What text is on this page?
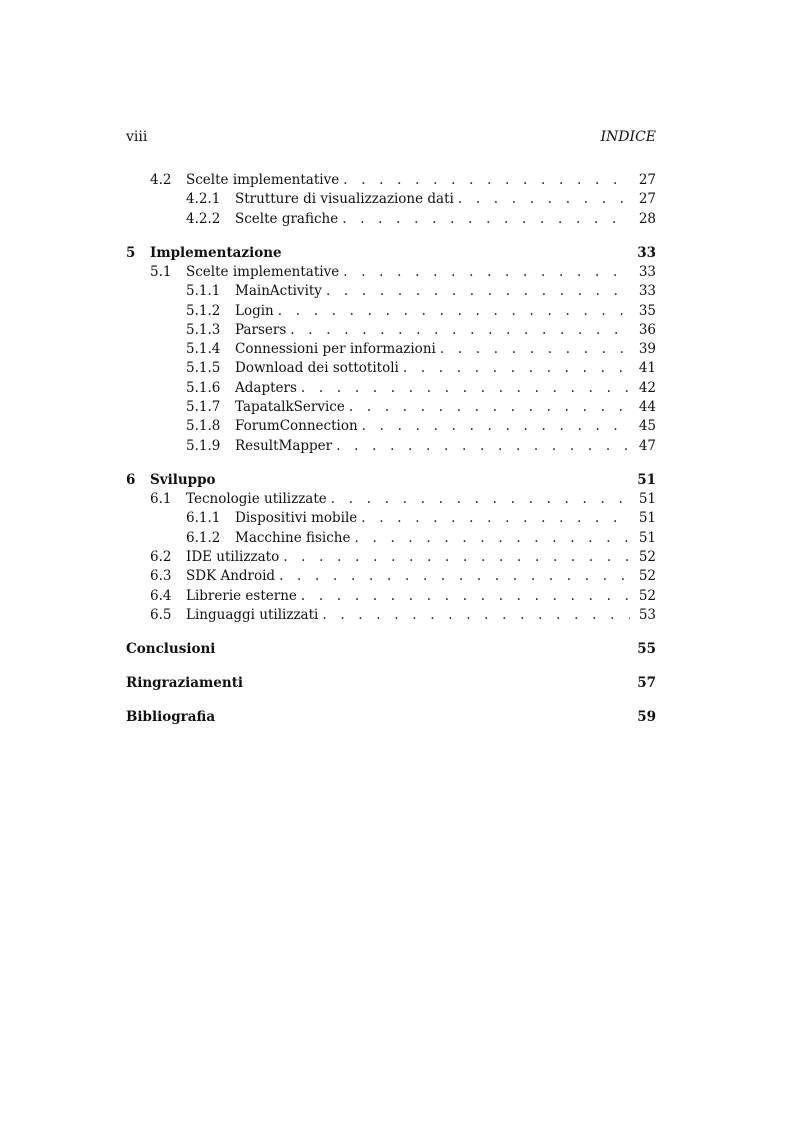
viii	INDICE
4.2	Scelte implementative . . .	27
4.2.1	Strutture di visualizzazione dati . . .	27
4.2.2	Scelte grafiche . . .	28
5	Implementazione	33
5.1	Scelte implementative . . .	33
5.1.1	MainActivity . . .	33
5.1.2	Login . . .	35
5.1.3	Parsers . . .	36
5.1.4	Connessioni per informazioni . . .	39
5.1.5	Download dei sottotitoli . . .	41
5.1.6	Adapters . . .	42
5.1.7	TapatalkService . . .	44
5.1.8	ForumConnection . . .	45
5.1.9	ResultMapper . . .	47
6	Sviluppo	51
6.1	Tecnologie utilizzate . . .	51
6.1.1	Dispositivi mobile . . .	51
6.1.2	Macchine fisiche . . .	51
6.2	IDE utilizzato . . .	52
6.3	SDK Android . . .	52
6.4	Librerie esterne . . .	52
6.5	Linguaggi utilizzati . . .	53
Conclusioni	55
Ringraziamenti	57
Bibliografia	59
